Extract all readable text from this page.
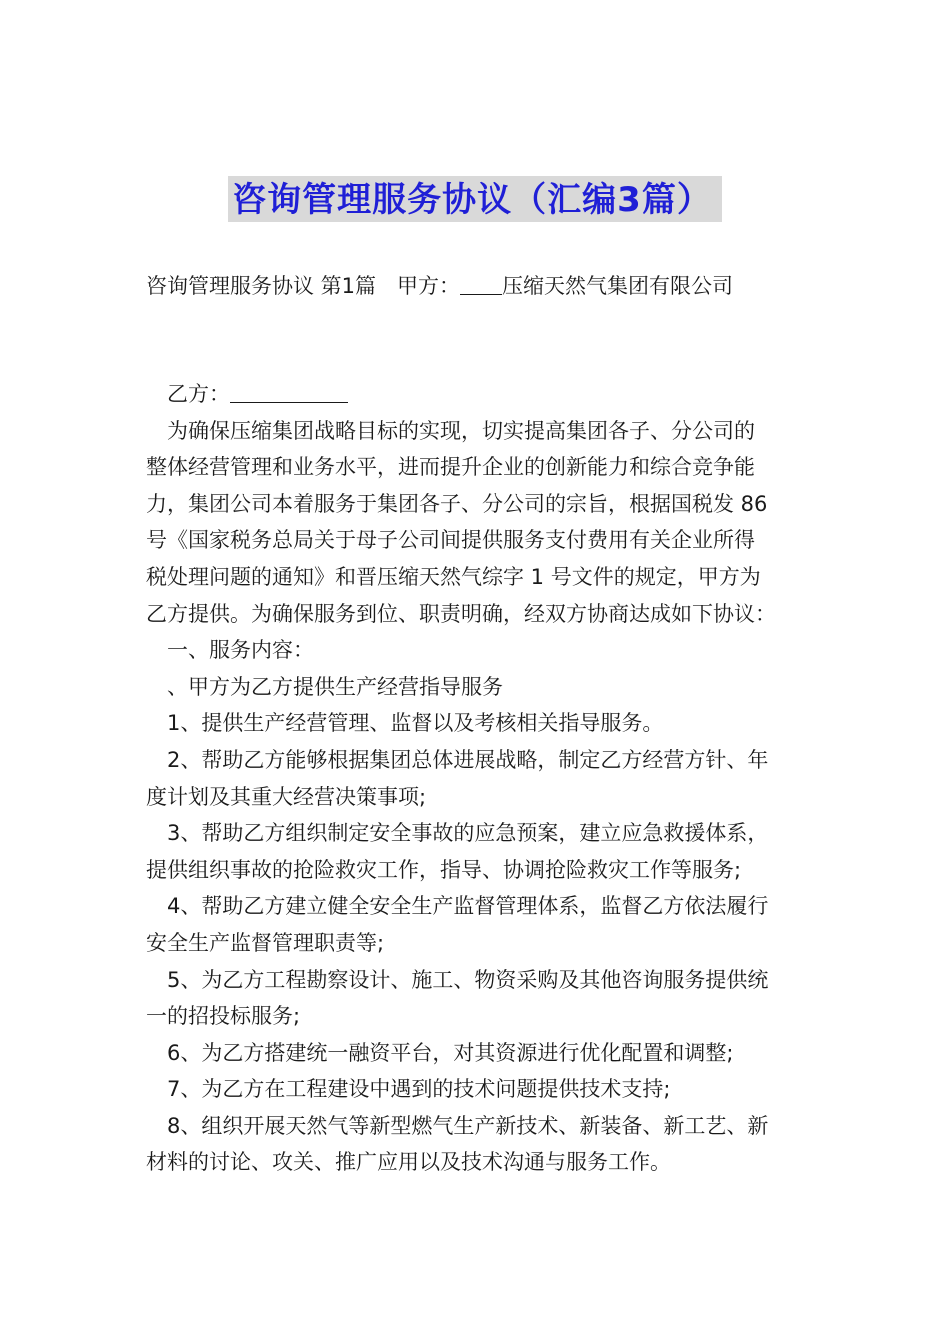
咨询管理服务协议（汇编3篇）
咨询管理服务协议 第1篇　甲方： 压缩天然气集团有限公司

乙方：

为确保压缩集团战略目标的实现，切实提高集团各子、分公司的

整体经营管理和业务水平，进而提升企业的创新能力和综合竞争能

力，集团公司本着服务于集团各子、分公司的宗旨，根据国税发 86

号《国家税务总局关于母子公司间提供服务支付费用有关企业所得

税处理问题的通知》和晋压缩天然气综字 1 号文件的规定，甲方为

乙方提供。为确保服务到位、职责明确，经双方协商达成如下协议：

一、服务内容：

、甲方为乙方提供生产经营指导服务

1、提供生产经营管理、监督以及考核相关指导服务。

2、帮助乙方能够根据集团总体进展战略，制定乙方经营方针、年

度计划及其重大经营决策事项;

3、帮助乙方组织制定安全事故的应急预案，建立应急救援体系，

提供组织事故的抢险救灾工作，指导、协调抢险救灾工作等服务;

4、帮助乙方建立健全安全生产监督管理体系，监督乙方依法履行

安全生产监督管理职责等;

5、为乙方工程勘察设计、施工、物资采购及其他咨询服务提供统

一的招投标服务;

6、为乙方搭建统一融资平台，对其资源进行优化配置和调整;

7、为乙方在工程建设中遇到的技术问题提供技术支持;

8、组织开展天然气等新型燃气生产新技术、新装备、新工艺、新

材料的讨论、攻关、推广应用以及技术沟通与服务工作。
